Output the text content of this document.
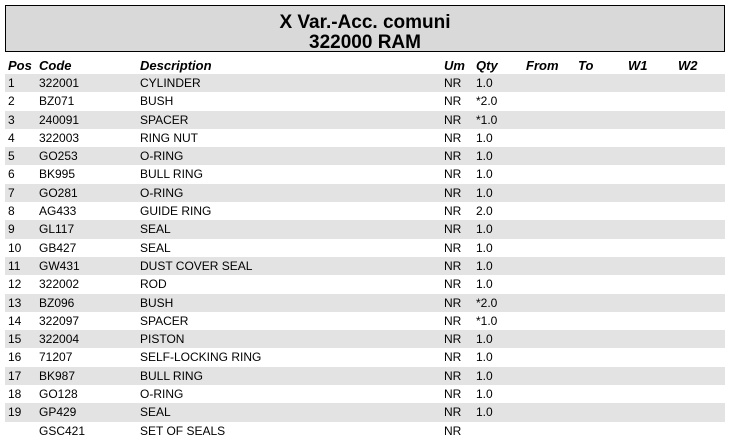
X Var.-Acc. comuni
322000 RAM
Pos Code	Description	Um Qty From To	W1 W2
1 322001	CYLINDER	NR 1.0
2 BZ071	BUSH	NR *2.0
3 240091	SPACER	NR *1.0
4 322003	RING NUT	NR 1.0
5 GO253	O-RING	NR 1.0
6 BK995	BULL RING	NR 1.0
7 GO281	O-RING	NR 1.0
8 AG433	GUIDE RING	NR 2.0
9 GL117	SEAL	NR 1.0
10 GB427	SEAL	NR 1.0
11 GW431	DUST COVER SEAL	NR 1.0
12 322002	ROD	NR 1.0
13 BZ096	BUSH	NR *2.0
14 322097	SPACER	NR *1.0
15 322004	PISTON	NR 1.0
16 71207	SELF-LOCKING RING	NR 1.0
17 BK987	BULL RING	NR 1.0
18 GO128	O-RING	NR 1.0
19 GP429	SEAL	NR 1.0
GSC421	SET OF SEALS	NR
